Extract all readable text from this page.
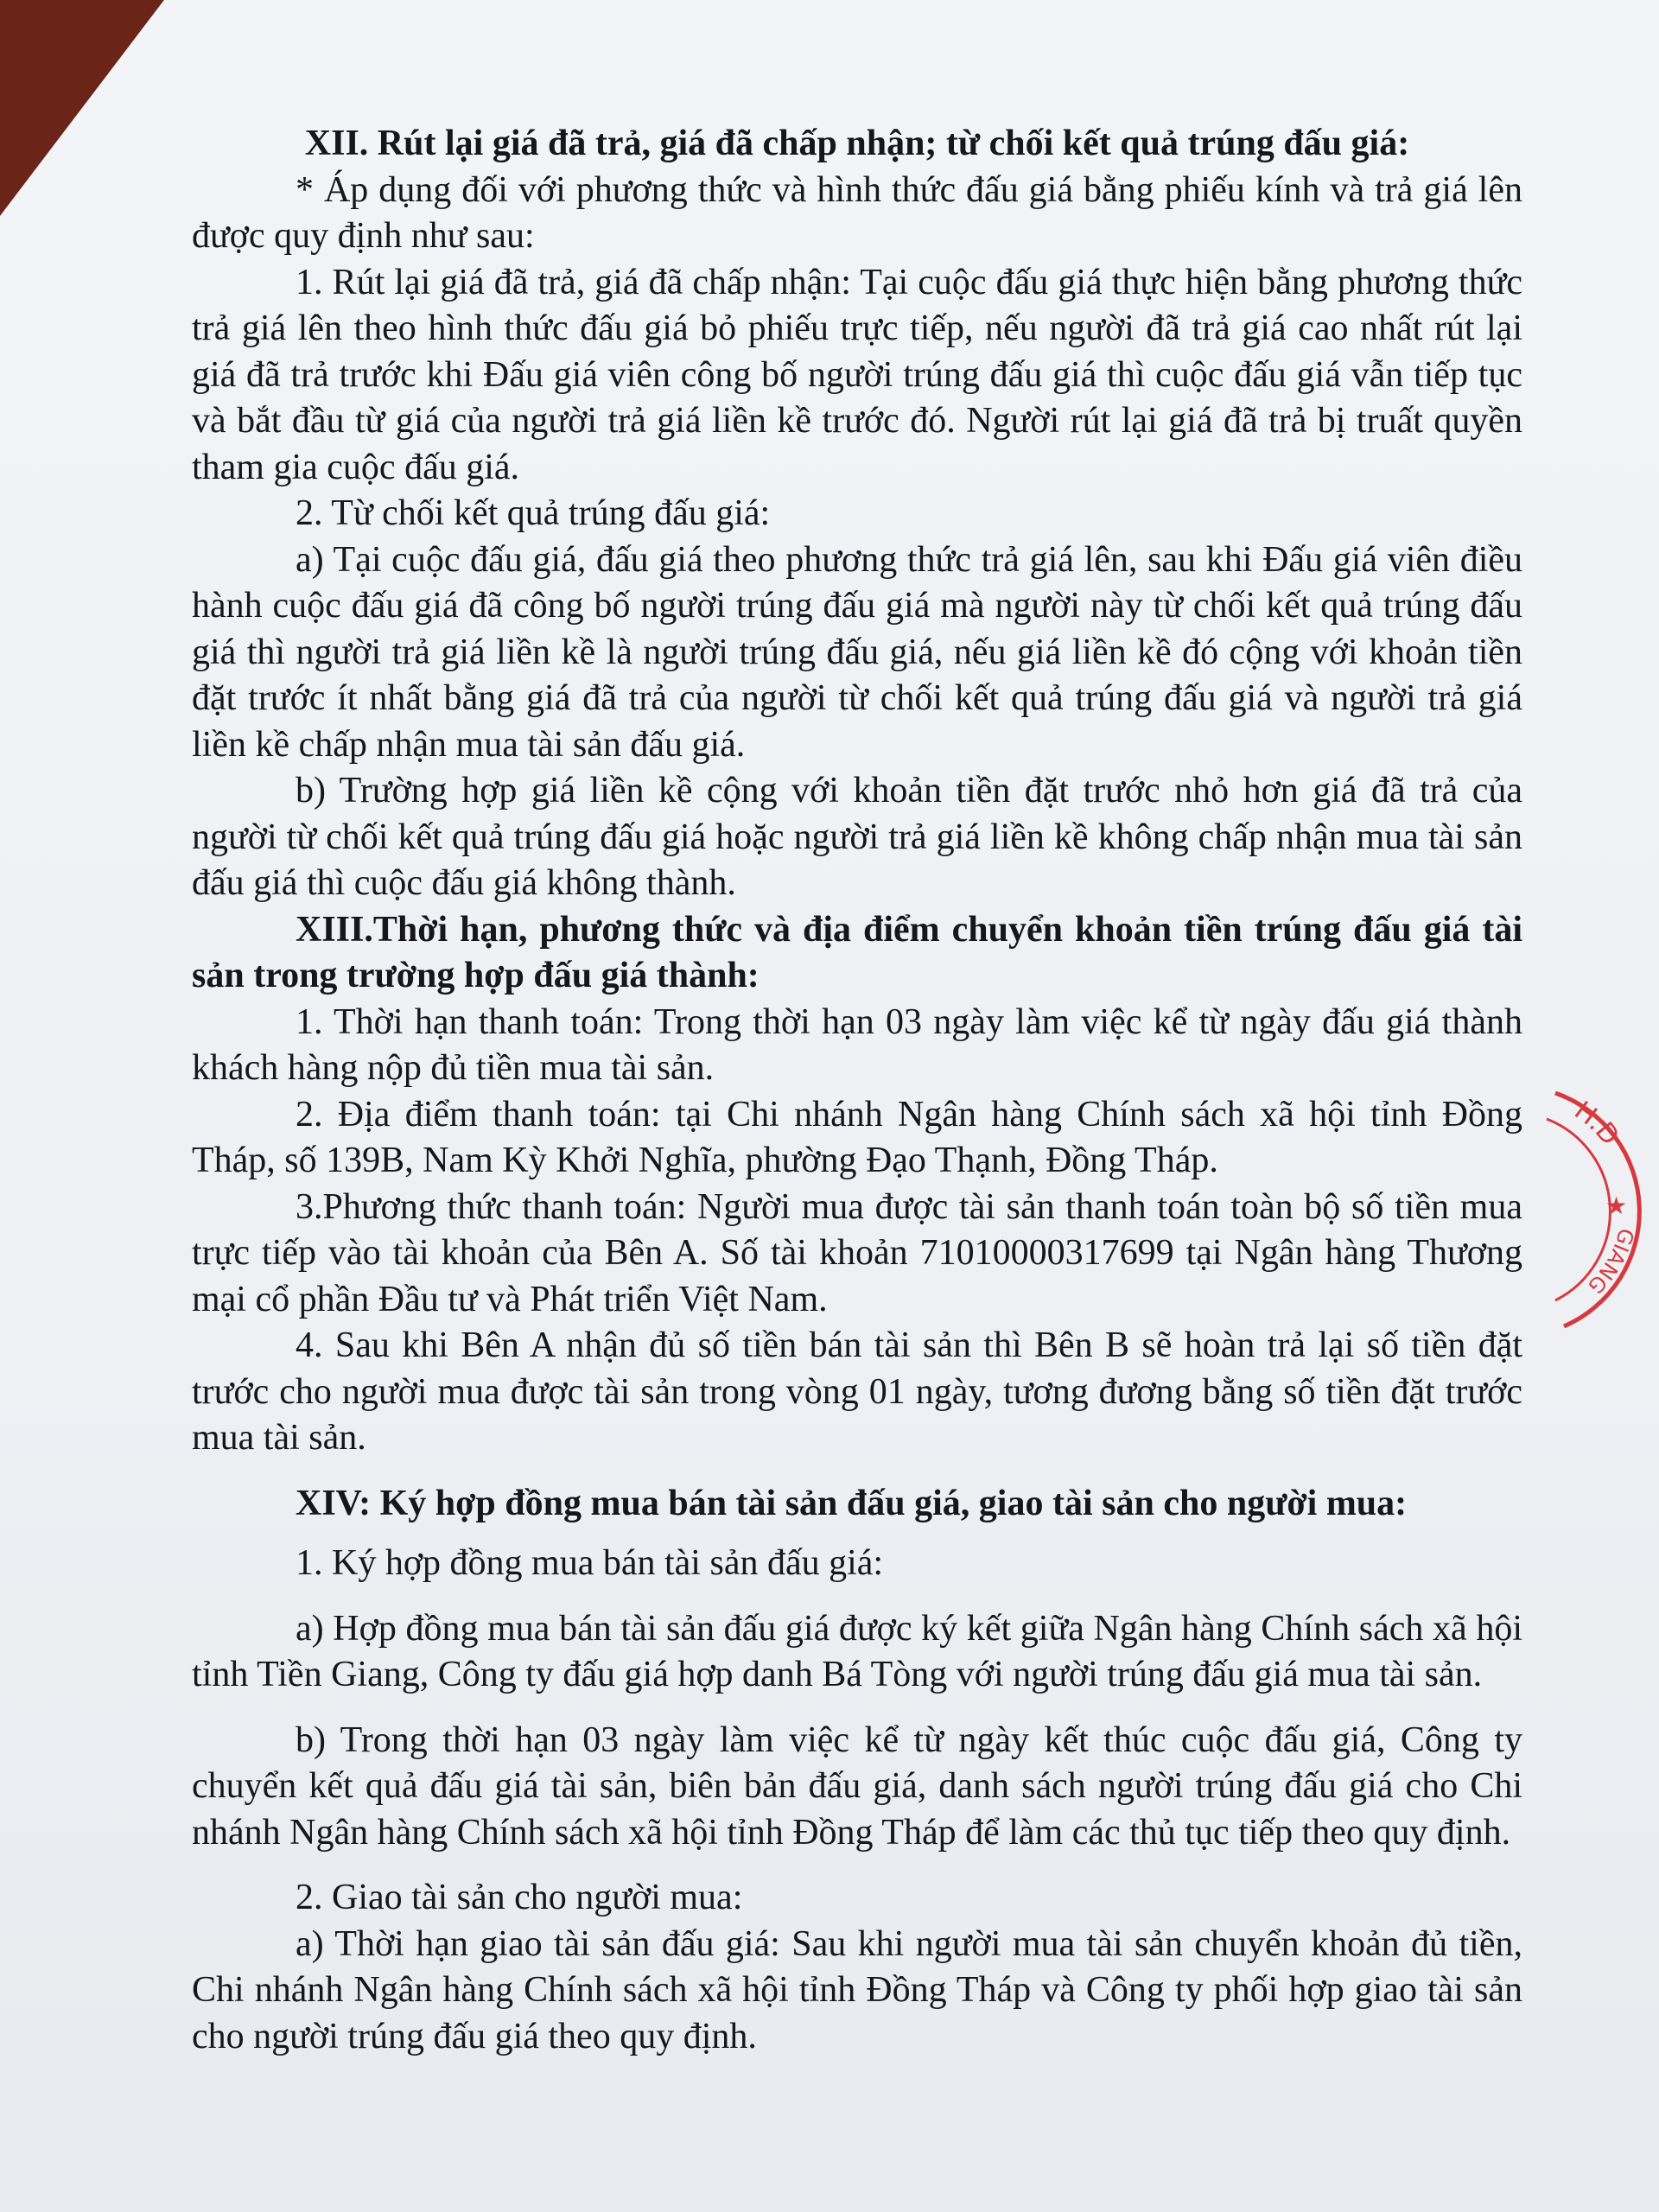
XII. Rút lại giá đã trả, giá đã chấp nhận; từ chối kết quả trúng đấu giá:

* Áp dụng đối với phương thức và hình thức đấu giá bằng phiếu kính và trả giá lên được quy định như sau:

1. Rút lại giá đã trả, giá đã chấp nhận: Tại cuộc đấu giá thực hiện bằng phương thức trả giá lên theo hình thức đấu giá bỏ phiếu trực tiếp, nếu người đã trả giá cao nhất rút lại giá đã trả trước khi Đấu giá viên công bố người trúng đấu giá thì cuộc đấu giá vẫn tiếp tục và bắt đầu từ giá của người trả giá liền kề trước đó. Người rút lại giá đã trả bị truất quyền tham gia cuộc đấu giá.

2. Từ chối kết quả trúng đấu giá:

a) Tại cuộc đấu giá, đấu giá theo phương thức trả giá lên, sau khi Đấu giá viên điều hành cuộc đấu giá đã công bố người trúng đấu giá mà người này từ chối kết quả trúng đấu giá thì người trả giá liền kề là người trúng đấu giá, nếu giá liền kề đó cộng với khoản tiền đặt trước ít nhất bằng giá đã trả của người từ chối kết quả trúng đấu giá và người trả giá liền kề chấp nhận mua tài sản đấu giá.

b) Trường hợp giá liền kề cộng với khoản tiền đặt trước nhỏ hơn giá đã trả của người từ chối kết quả trúng đấu giá hoặc người trả giá liền kề không chấp nhận mua tài sản đấu giá thì cuộc đấu giá không thành.

XIII.Thời hạn, phương thức và địa điểm chuyển khoản tiền trúng đấu giá tài sản trong trường hợp đấu giá thành:

1. Thời hạn thanh toán: Trong thời hạn 03 ngày làm việc kể từ ngày đấu giá thành khách hàng nộp đủ tiền mua tài sản.

2. Địa điểm thanh toán: tại Chi nhánh Ngân hàng Chính sách xã hội tỉnh Đồng Tháp, số 139B, Nam Kỳ Khởi Nghĩa, phường Đạo Thạnh, Đồng Tháp.

3.Phương thức thanh toán: Người mua được tài sản thanh toán toàn bộ số tiền mua trực tiếp vào tài khoản của Bên A. Số tài khoản 71010000317699 tại Ngân hàng Thương mại cổ phần Đầu tư và Phát triển Việt Nam.

4. Sau khi Bên A nhận đủ số tiền bán tài sản thì Bên B sẽ hoàn trả lại số tiền đặt trước cho người mua được tài sản trong vòng 01 ngày, tương đương bằng số tiền đặt trước mua tài sản.

XIV: Ký hợp đồng mua bán tài sản đấu giá, giao tài sản cho người mua:

1. Ký hợp đồng mua bán tài sản đấu giá:

a) Hợp đồng mua bán tài sản đấu giá được ký kết giữa Ngân hàng Chính sách xã hội tỉnh Tiền Giang, Công ty đấu giá hợp danh Bá Tòng với người trúng đấu giá mua tài sản.

b) Trong thời hạn 03 ngày làm việc kể từ ngày kết thúc cuộc đấu giá, Công ty chuyển kết quả đấu giá tài sản, biên bản đấu giá, danh sách người trúng đấu giá cho Chi nhánh Ngân hàng Chính sách xã hội tỉnh Đồng Tháp để làm các thủ tục tiếp theo quy định.

2. Giao tài sản cho người mua:

a) Thời hạn giao tài sản đấu giá: Sau khi người mua tài sản chuyển khoản đủ tiền, Chi nhánh Ngân hàng Chính sách xã hội tỉnh Đồng Tháp và Công ty phối hợp giao tài sản cho người trúng đấu giá theo quy định.

H.D
GIANG
★
